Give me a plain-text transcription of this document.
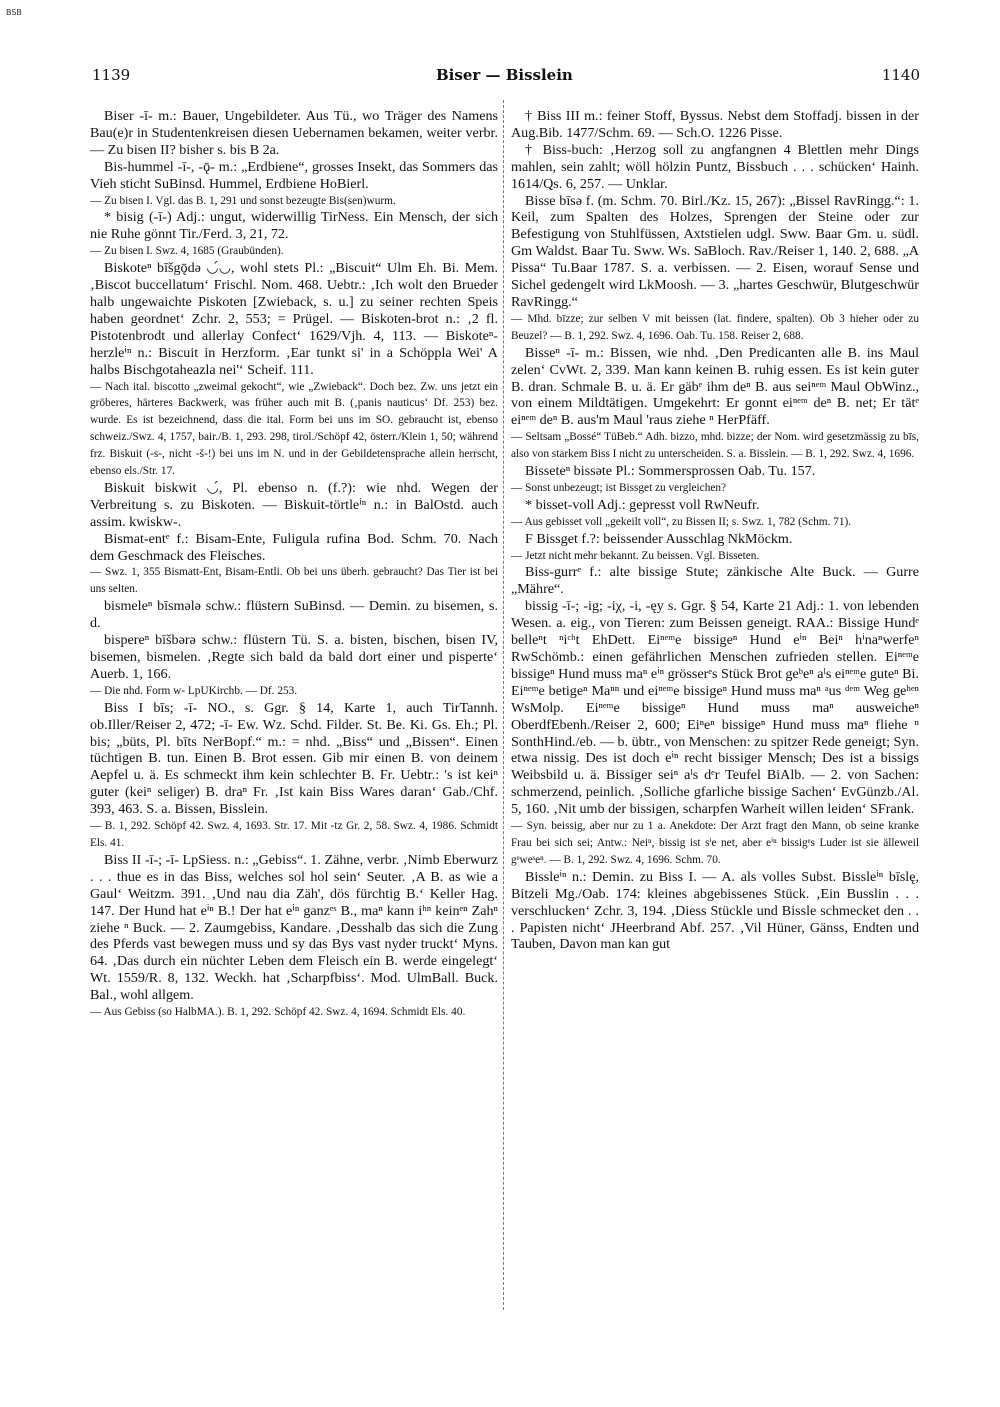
BSB
1139	Biser — Bisslein	1140

Biser -ī- m.: Bauer, Ungebildeter. Aus Tü., wo Träger des Namens Bau(e)r in Studentenkreisen diesen Uebernamen bekamen, weiter verbr. — Zu bisen II? bisher s. bis B 2a.

Bis-hummel -ī-, -ǭ- m.: „Erdbiene“, grosses Insekt, das Sommers das Vieh sticht SuBinsd. Hummel, Erdbiene HoBierl.

— Zu bisen I. Vgl. das B. 1, 291 und sonst bezeugte Bis(sen)wurm.

* bisig (-ī-) Adj.: ungut, widerwillig TirNess. Ein Mensch, der sich nie Ruhe gönnt Tir./Ferd. 3, 21, 72.

— Zu bisen I. Swz. 4, 1685 (Graubünden).

Biskoteⁿ bīšgǭdə ◡́◡, wohl stets Pl.: „Biscuit“ Ulm Eh. Bi. Mem. ‚Biscot buccellatum‘ Frischl. Nom. 468. Uebtr.: ‚Ich wolt den Brueder halb ungewaichte Piskoten [Zwieback, s. u.] zu seiner rechten Speis haben geordnet‘ Zchr. 2, 553; = Prügel. — Biskoten-brot n.: ‚2 fl. Pistotenbrodt und allerlay Confect‘ 1629/Vjh. 4, 113. — Biskoteⁿ-herzleⁱⁿ n.: Biscuit in Herzform. ‚Ear tunkt si' in a Schöppla Wei' A halbs Bischgotaheazla nei'‘ Scheif. 111.

— Nach ital. biscotto „zweimal gekocht“, wie „Zwieback“. Doch bez. Zw. uns jetzt ein gröberes, härteres Backwerk, was früher auch mit B. (‚panis nauticus‘ Df. 253) bez. wurde. Es ist bezeichnend, dass die ital. Form bei uns im SO. gebraucht ist, ebenso schweiz./Swz. 4, 1757, bair./B. 1, 293. 298, tirol./Schöpf 42, österr./Klein 1, 50; während frz. Biskuit (-s-, nicht -š-!) bei uns im N. und in der Gebildetensprache allein herrscht, ebenso els./Str. 17.

Biskuit biskwit ◡́, Pl. ebenso n. (f.?): wie nhd. Wegen der Verbreitung s. zu Biskoten. — Biskuit-törtleⁱⁿ n.: in BalOstd. auch assim. kwiskw-.

Bismat-entᵉ f.: Bisam-Ente, Fuligula rufina Bod. Schm. 70. Nach dem Geschmack des Fleisches.

— Swz. 1, 355 Bismatt-Ent, Bisam-Entli. Ob bei uns überh. gebraucht? Das Tier ist bei uns selten.

bismeleⁿ bīsmələ schw.: flüstern SuBinsd. — Demin. zu bisemen, s. d.

bispereⁿ bīšbərə schw.: flüstern Tü. S. a. bisten, bischen, bisen IV, bisemen, bismelen. ‚Regte sich bald da bald dort einer und pisperte‘ Auerb. 1, 166.

— Die nhd. Form w- LpUKirchb. — Df. 253.

Biss I bīs; -ī- NO., s. Ggr. § 14, Karte 1, auch TirTannh. ob.Iller/Reiser 2, 472; -ī- Ew. Wz. Schd. Filder. St. Be. Ki. Gs. Eh.; Pl. bis; „büts, Pl. bīts NerBopf.“ m.: = nhd. „Biss“ und „Bissen“. Einen tüchtigen B. tun. Einen B. Brot essen. Gib mir einen B. von deinem Aepfel u. ä. Es schmeckt ihm kein schlechter B. Fr. Uebtr.: 's ist keiⁿ guter (keiⁿ seliger) B. draⁿ Fr. ‚Ist kain Biss Wares daran‘ Gab./Chf. 393, 463. S. a. Bissen, Bisslein.

— B. 1, 292. Schöpf 42. Swz. 4, 1693. Str. 17. Mit -tz Gr. 2, 58. Swz. 4, 1986. Schmidt Els. 41.

Biss II -ī-; -ī- LpSiess. n.: „Gebiss“. 1. Zähne, verbr. ‚Nimb Eberwurz . . . thue es in das Biss, welches sol hol sein‘ Seuter. ‚A B. as wie a Gaul‘ Weitzm. 391. ‚Und nau dia Zäh', dös fürchtig B.‘ Keller Hag. 147. Der Hund hat eⁱⁿ B.! Der hat eⁱⁿ ganzᵉˢ B., maⁿ kann iʰⁿ keinᵉⁿ Zahⁿ ziehe ⁿ Buck. — 2. Zaumgebiss, Kandare. ‚Desshalb das sich die Zung des Pferds vast bewegen muss und sy das Bys vast nyder truckt‘ Myns. 64. ‚Das durch ein nüchter Leben dem Fleisch ein B. werde eingelegt‘ Wt. 1559/R. 8, 132. Weckh. hat ‚Scharpfbiss‘. Mod. UlmBall. Buck. Bal., wohl allgem.

— Aus Gebiss (so HalbMA.). B. 1, 292. Schöpf 42. Swz. 4, 1694. Schmidt Els. 40.

† Biss III m.: feiner Stoff, Byssus. Nebst dem Stoffadj. bissen in der Aug.Bib. 1477/Schm. 69. — Sch.O. 1226 Pisse.

† Biss-buch: ‚Herzog soll zu angfangnen 4 Blettlen mehr Dings mahlen, sein zahlt; wöll hölzin Puntz, Bissbuch . . . schücken‘ Hainh. 1614/Qs. 6, 257. — Unklar.

Bisse bīsə f. (m. Schm. 70. Birl./Kz. 15, 267): „Bissel RavRingg.“: 1. Keil, zum Spalten des Holzes, Sprengen der Steine oder zur Befestigung von Stuhlfüssen, Axtstielen udgl. Sww. Baar Gm. u. südl. Gm Waldst. Baar Tu. Sww. Ws. SaBloch. Rav./Reiser 1, 140. 2, 688. „A Pissa“ Tu.Baar 1787. S. a. verbissen. — 2. Eisen, worauf Sense und Sichel gedengelt wird LkMoosh. — 3. „hartes Geschwür, Blutgeschwür RavRingg.“

— Mhd. bīzze; zur selben V mit beissen (lat. findere, spalten). Ob 3 hieher oder zu Beuzel? — B. 1, 292. Swz. 4, 1696. Oab. Tu. 158. Reiser 2, 688.

Bisseⁿ -ī- m.: Bissen, wie nhd. ‚Den Predicanten alle B. ins Maul zelen‘ CvWt. 2, 339. Man kann keinen B. ruhig essen. Es ist kein guter B. dran. Schmale B. u. ä. Er gäbᵉ ihm deⁿ B. aus seiⁿᵉᵐ Maul ObWinz., von einem Mildtätigen. Umgekehrt: Er gonnt eiⁿᵉᵐ deⁿ B. net; Er tätᵉ eiⁿᵉᵐ deⁿ B. aus'm Maul 'raus ziehe ⁿ HerPfäff.

— Seltsam „Bossé“ TüBeb.“ Adh. bizzo, mhd. bizze; der Nom. wird gesetzmässig zu bīs, also von starkem Biss I nicht zu unterscheiden. S. a. Bisslein. — B. 1, 292. Swz. 4, 1696.

Bisseteⁿ bissəte Pl.: Sommersprossen Oab. Tu. 157.

— Sonst unbezeugt; ist Bissget zu vergleichen?

* bisset-voll Adj.: gepresst voll RwNeufr.

— Aus gebisset voll „gekeilt voll“, zu Bissen II; s. Swz. 1, 782 (Schm. 71).

F Bissget f.?: beissender Ausschlag NkMöckm.

— Jetzt nicht mehr bekannt. Zu beissen. Vgl. Bisseten.

Biss-gurrᵉ f.: alte bissige Stute; zänkische Alte Buck. — Gurre „Mähre“.

bissig -ī-; -ig; -iχ, -i, -ęy s. Ggr. § 54, Karte 21 Adj.: 1. von lebenden Wesen. a. eig., von Tieren: zum Beissen geneigt. RAA.: Bissige Hundᵉ belleⁿt ⁿiᶜʰt EhDett. Eiⁿᵉᵐe bissigeⁿ Hund eⁱⁿ Beiⁿ hⁱnaⁿwerfeⁿ RwSchömb.: einen gefährlichen Menschen zufrieden stellen. Eiⁿᵉᵐe bissigeⁿ Hund muss maⁿ eⁱⁿ grösserᵉs Stück Brot geᵇeⁿ aˡs eiⁿᵉᵐe guteⁿ Bi. Eiⁿᵉᵐe betigeⁿ Maⁿⁿ und eiⁿᵉᵐe bissigeⁿ Hund muss maⁿ ᵃus ᵈᵉᵐ Weg geʰᵉⁿ WsMolp. Eiⁿᵉᵐe bissigeⁿ Hund muss maⁿ ausweicheⁿ OberdfEbenh./Reiser 2, 600; Eiⁿeⁿ bissigeⁿ Hund muss maⁿ fliehe ⁿ SonthHind./eb. — b. übtr., von Menschen: zu spitzer Rede geneigt; Syn. etwa nissig. Des ist doch eⁱⁿ recht bissiger Mensch; Des ist a bissigs Weibsbild u. ä. Bissiger seiⁿ aˡs dᵉr Teufel BiAlb. — 2. von Sachen: schmerzend, peinlich. ‚Solliche gfarliche bissige Sachen‘ EvGünzb./Al. 5, 160. ‚Nit umb der bissigen, scharpfen Warheit willen leiden‘ SFrank.

— Syn. beissig, aber nur zu 1 a. Anekdote: Der Arzt fragt den Mann, ob seine kranke Frau bei sich sei; Antw.: Neiⁿ, bissig ist sⁱe net, aber eⁱⁿ bissigᵉs Luder ist sie älleweil gᵉweˢeⁿ. — B. 1, 292. Swz. 4, 1696. Schm. 70.

Bissleⁱⁿ n.: Demin. zu Biss I. — A. als volles Subst. Bissleⁱⁿ bīslę, Bitzeli Mg./Oab. 174: kleines abgebissenes Stück. ‚Ein Busslin . . . verschlucken‘ Zchr. 3, 194. ‚Diess Stückle und Bissle schmecket den . . . Papisten nicht‘ JHeerbrand Abf. 257. ‚Vil Hüner, Gänss, Endten und Tauben, Davon man kan gut
